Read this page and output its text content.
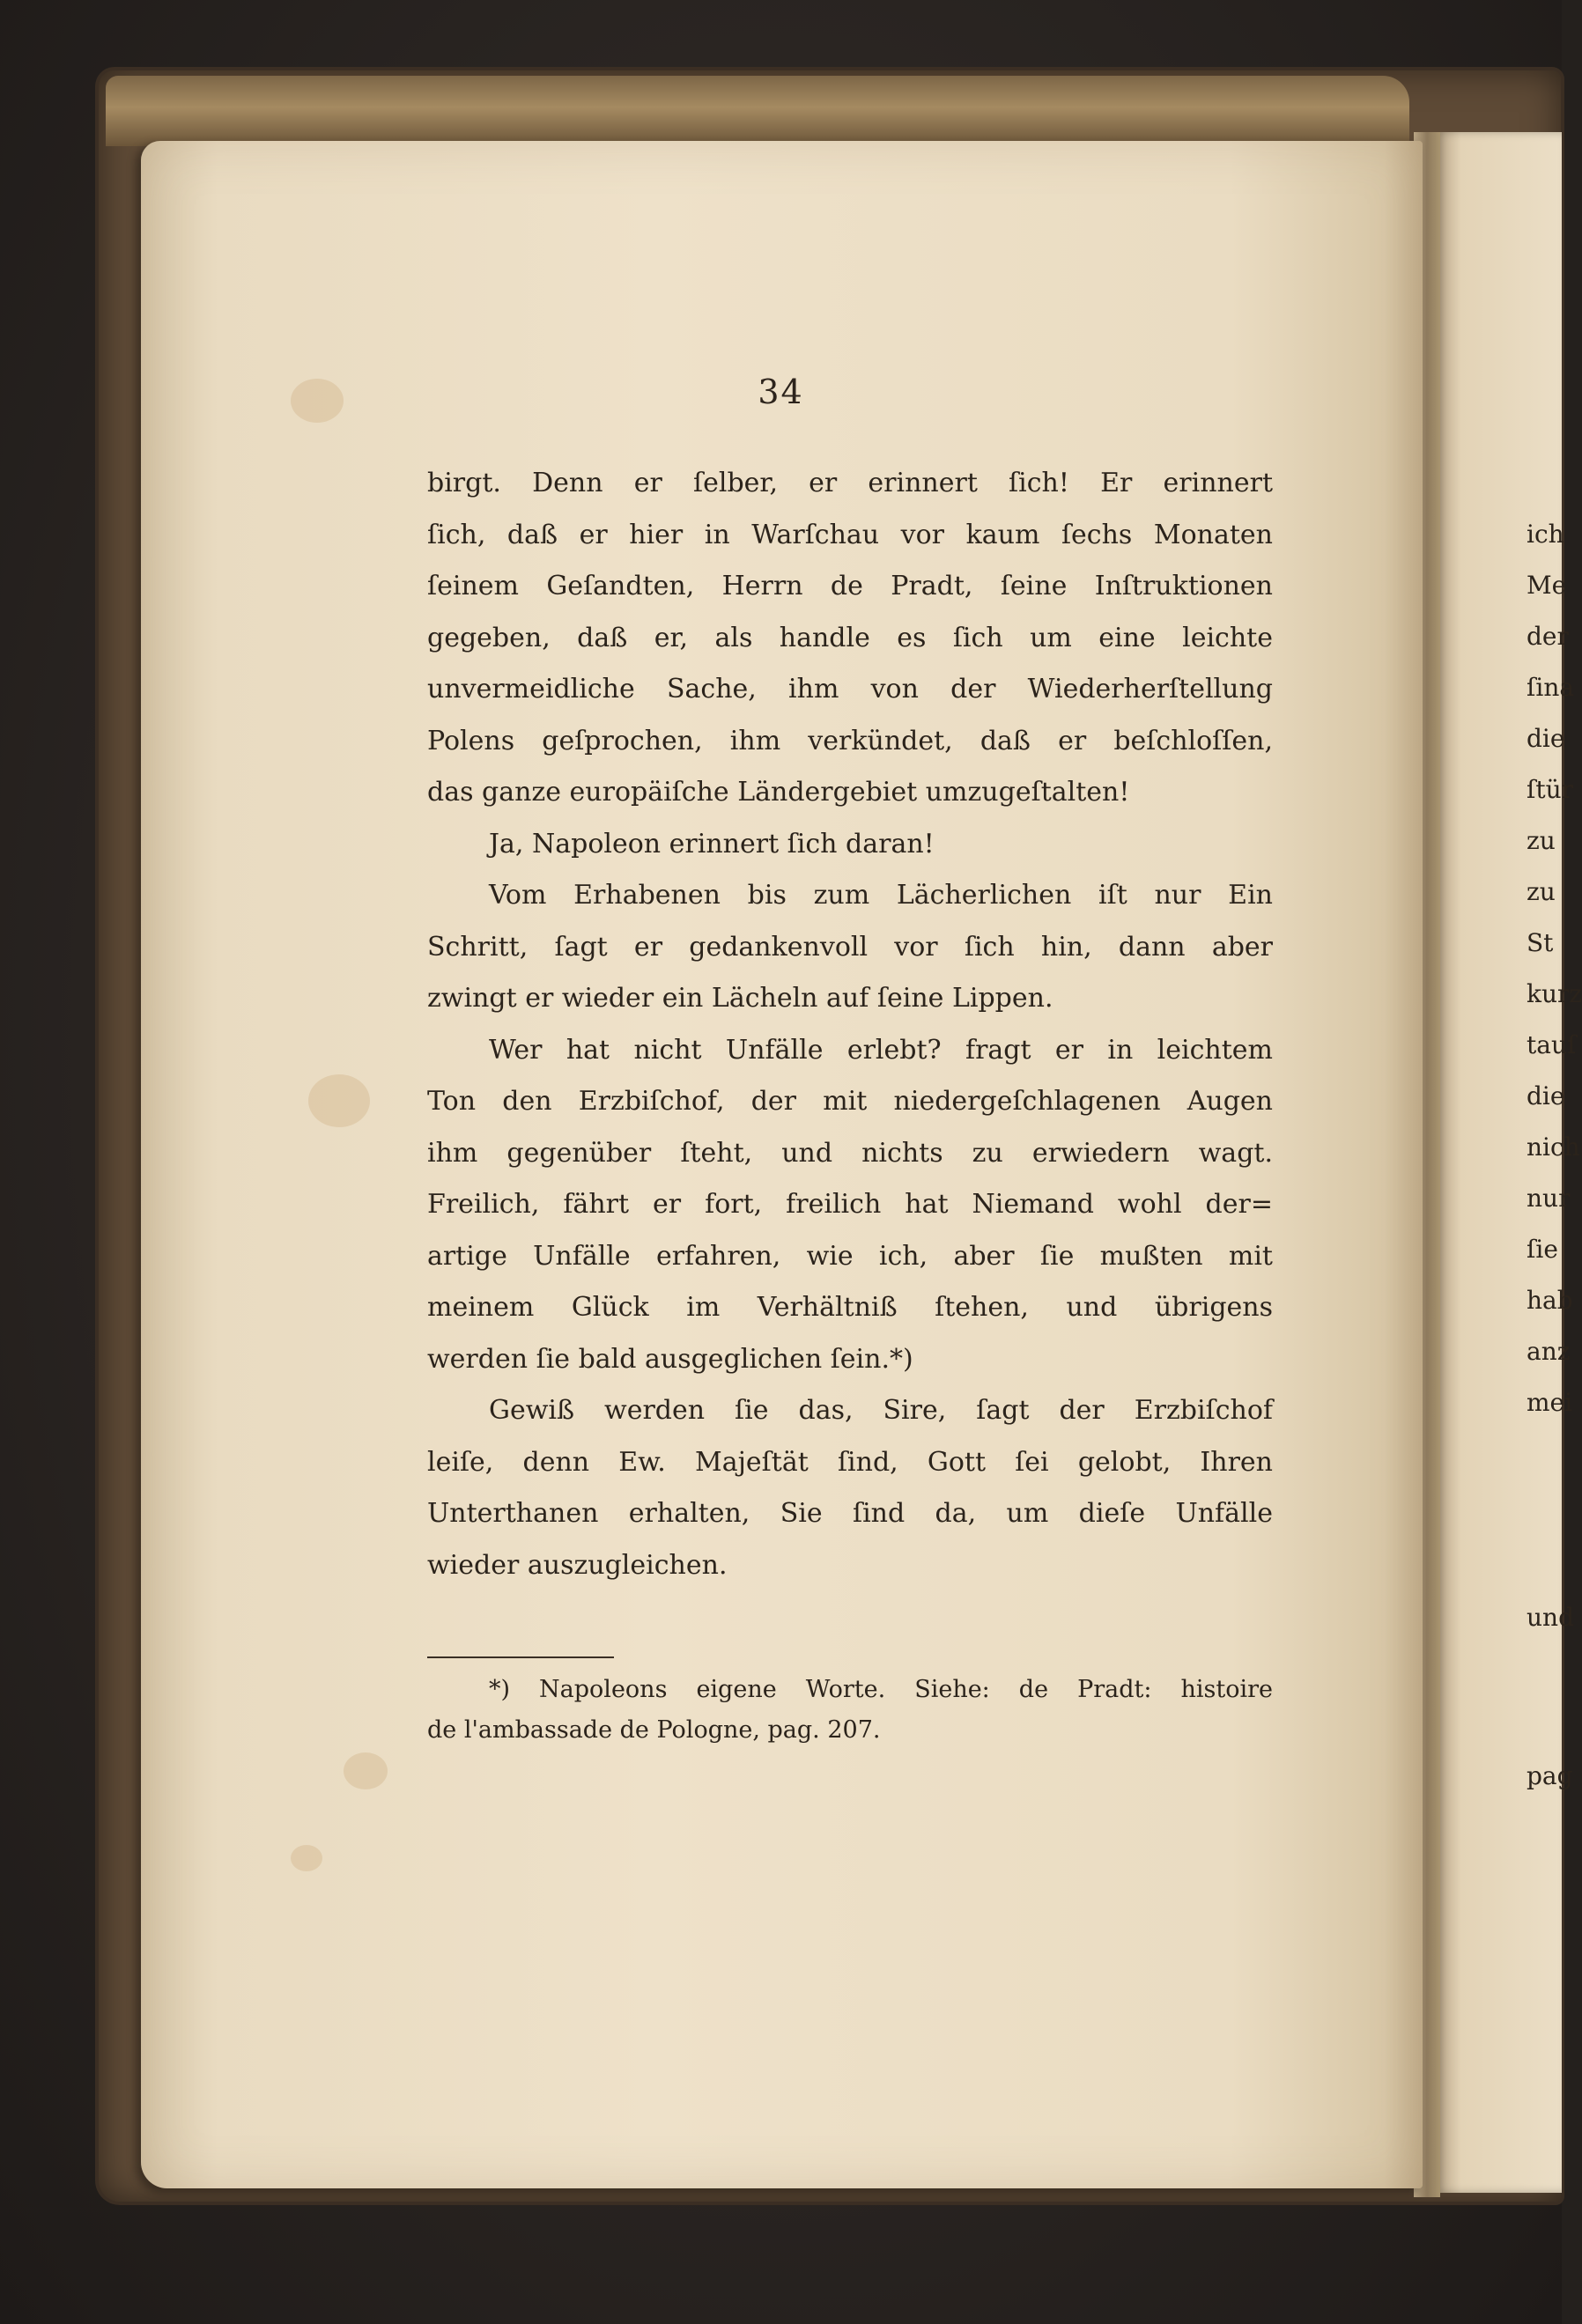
34
birgt. Denn er ſelber, er erinnert ſich! Er erinnert
ſich, daß er hier in Warſchau vor kaum ſechs Monaten
ſeinem Geſandten, Herrn de Pradt, ſeine Inſtruktionen
gegeben, daß er, als handle es ſich um eine leichte
unvermeidliche Sache, ihm von der Wiederherſtellung
Polens geſprochen, ihm verkündet, daß er beſchloſſen,
das ganze europäiſche Ländergebiet umzugeſtalten!
Ja, Napoleon erinnert ſich daran!
Vom Erhabenen bis zum Lächerlichen iſt nur Ein
Schritt, ſagt er gedankenvoll vor ſich hin, dann aber
zwingt er wieder ein Lächeln auf ſeine Lippen.
Wer hat nicht Unfälle erlebt? fragt er in leichtem
Ton den Erzbiſchof, der mit niedergeſchlagenen Augen
ihm gegenüber ſteht, und nichts zu erwiedern wagt.
Freilich, fährt er fort, freilich hat Niemand wohl der=
artige Unfälle erfahren, wie ich, aber ſie mußten mit
meinem Glück im Verhältniß ſtehen, und übrigens
werden ſie bald ausgeglichen ſein.*)
Gewiß werden ſie das, Sire, ſagt der Erzbiſchof
leiſe, denn Ew. Majeſtät ſind, Gott ſei gelobt, Ihren
Unterthanen erhalten, Sie ſind da, um dieſe Unfälle
wieder auszugleichen.
*) Napoleons eigene Worte. Siehe: de Pradt: histoire
de l'ambassade de Pologne, pag. 207.
ich
Me
der
ſina
die
ſtür
zu
zu
St
kurz
tauſ
die
nich
nur
ſie
hab
anz
mei
und
pag
